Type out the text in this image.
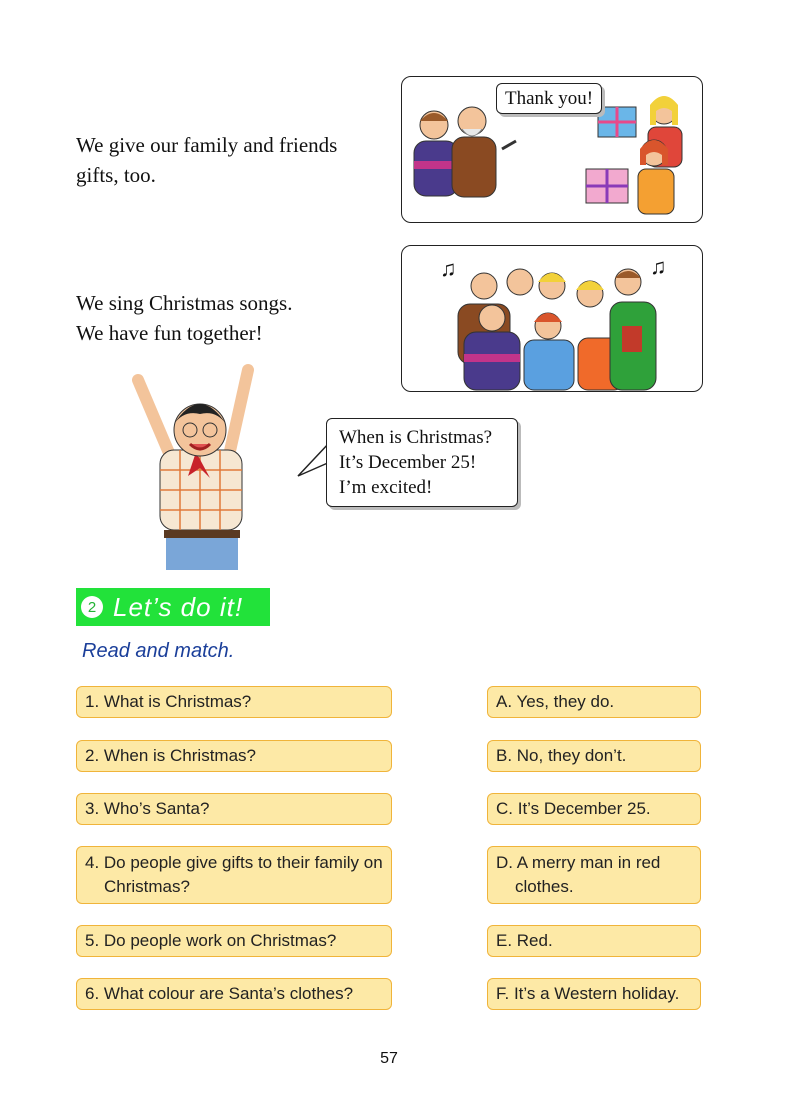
We give our family and friends
gifts, too.
We sing Christmas songs.
We have fun together!
Thank you!
♫	♫
When is Christmas?
It’s December 25!
I’m excited!
2 Let’s do it!
Read and match.
1. What is Christmas?
2. When is Christmas?
3. Who’s Santa?
4. Do people give gifts to their family on Christmas?
5. Do people work on Christmas?
6. What colour are Santa’s clothes?
A. Yes, they do.
B. No, they don’t.
C. It’s December 25.
D. A merry man in red clothes.
E. Red.
F. It’s a Western holiday.
57
